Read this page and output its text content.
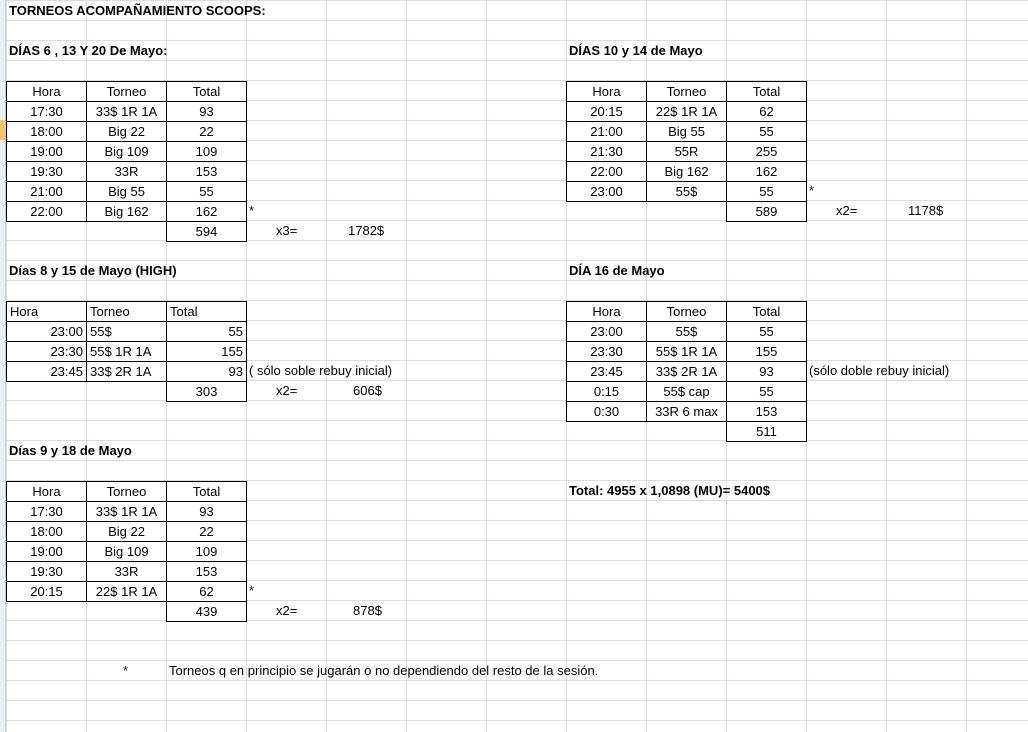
TORNEOS ACOMPAÑAMIENTO SCOOPS:
DÍAS 6 , 13 Y 20 De Mayo:
Hora	Torneo	Total
17:30	33$ 1R 1A	93
18:00	Big 22	22
19:00	Big 109	109
19:30	33R	153
21:00	Big 55	55
22:00	Big 162	162
		594
*
x3=	1782$
DÍAS 10 y 14 de Mayo
Hora	Torneo	Total
20:15	22$ 1R 1A	62
21:00	Big 55	55
21:30	55R	255
22:00	Big 162	162
23:00	55$	55
		589
*
x2=	1178$
Días 8 y 15 de Mayo (HIGH)
Hora	Torneo	Total
23:00	55$	55
23:30	55$ 1R 1A	155
23:45	33$ 2R 1A	93
		303
( sólo soble rebuy inicial)
x2=	606$
DÍA 16 de Mayo
Hora	Torneo	Total
23:00	55$	55
23:30	55$ 1R 1A	155
23:45	33$ 2R 1A	93
0:15	55$ cap	55
0:30	33R 6 max	153
		511
(sólo doble rebuy inicial)
Días 9 y 18 de Mayo
Hora	Torneo	Total
17:30	33$ 1R 1A	93
18:00	Big 22	22
19:00	Big 109	109
19:30	33R	153
20:15	22$ 1R 1A	62
		439
*
x2=	878$
Total: 4955 x 1,0898 (MU)= 5400$
*	Torneos q en principio se jugarán o no dependiendo del resto de la sesión.
